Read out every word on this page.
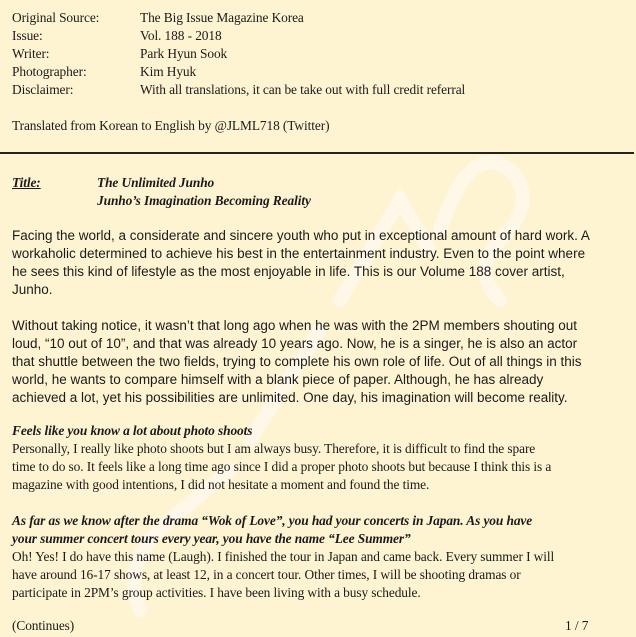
Original Source:	The Big Issue Magazine Korea
Issue:	Vol. 188 - 2018
Writer:	Park Hyun Sook
Photographer:	Kim Hyuk
Disclaimer:	With all translations, it can be take out with full credit referral
Translated from Korean to English by @JLML718 (Twitter)
Title:	The Unlimited Junho
Junho’s Imagination Becoming Reality
Facing the world, a considerate and sincere youth who put in exceptional amount of hard work. A
workaholic determined to achieve his best in the entertainment industry. Even to the point where
he sees this kind of lifestyle as the most enjoyable in life. This is our Volume 188 cover artist,
Junho.
Without taking notice, it wasn’t that long ago when he was with the 2PM members shouting out
loud, “10 out of 10”, and that was already 10 years ago. Now, he is a singer, he is also an actor
that shuttle between the two fields, trying to complete his own role of life. Out of all things in this
world, he wants to compare himself with a blank piece of paper. Although, he has already
achieved a lot, yet his possibilities are unlimited. One day, his imagination will become reality.
Feels like you know a lot about photo shoots
Personally, I really like photo shoots but I am always busy. Therefore, it is difficult to find the spare
time to do so. It feels like a long time ago since I did a proper photo shoots but because I think this is a
magazine with good intentions, I did not hesitate a moment and found the time.
As far as we know after the drama “Wok of Love”, you had your concerts in Japan. As you have
your summer concert tours every year, you have the name “Lee Summer”
Oh! Yes! I do have this name (Laugh). I finished the tour in Japan and came back. Every summer I will
have around 16-17 shows, at least 12, in a concert tour. Other times, I will be shooting dramas or
participate in 2PM’s group activities. I have been living with a busy schedule.
(Continues)	1 / 7
